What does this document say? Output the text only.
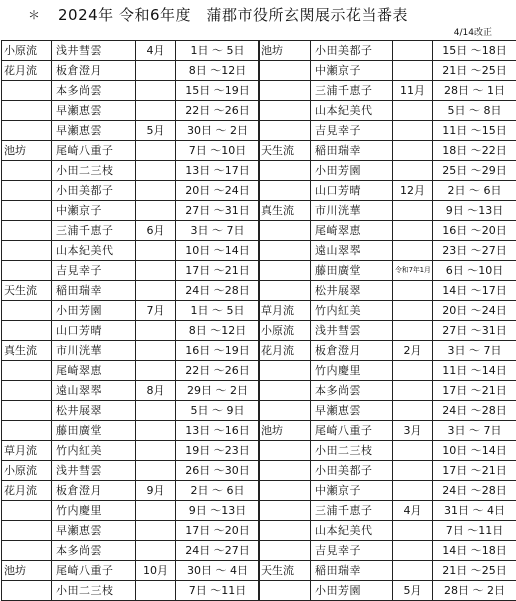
＊ 2024年 令和6年度　蒲郡市役所玄関展示花当番表
4/14改正
小原流	浅井彗雲	4月	1日 ～ 5日
花月流	板倉澄月		8日 ～12日
	本多尚雲		15日 ～19日
	早瀬恵雲		22日 ～26日
	早瀬恵雲	5月	30日 ～ 2日
池坊	尾崎八重子		7日 ～10日
	小田二三枝		13日 ～17日
	小田美都子		20日 ～24日
	中瀬京子		27日 ～31日
	三浦千恵子	6月	3日 ～ 7日
	山本紀美代		10日 ～14日
	吉見幸子		17日 ～21日
天生流	稲田瑞幸		24日 ～28日
	小田芳園	7月	1日 ～ 5日
	山口芳晴		8日 ～12日
真生流	市川洸華		16日 ～19日
	尾崎翠恵		22日 ～26日
	遠山翠翆	8月	29日 ～ 2日
	松井展翠		5日 ～ 9日
	藤田廣堂		13日 ～16日
草月流	竹内紅美		19日 ～23日
小原流	浅井彗雲		26日 ～30日
花月流	板倉澄月	9月	2日 ～ 6日
	竹内慶里		9日 ～13日
	早瀬恵雲		17日 ～20日
	本多尚雲		24日 ～27日
池坊	尾崎八重子	10月	30日 ～ 4日
	小田二三枝		7日 ～11日
池坊	小田美都子		15日 ～18日
	中瀬京子		21日 ～25日
	三浦千恵子	11月	28日 ～ 1日
	山本紀美代		5日 ～ 8日
	吉見幸子		11日 ～15日
天生流	稲田瑞幸		18日 ～22日
	小田芳園		25日 ～29日
	山口芳晴	12月	2日 ～ 6日
真生流	市川洸華		9日 ～13日
	尾崎翠恵		16日 ～20日
	遠山翠翆		23日 ～27日
	藤田廣堂	令和7年1月	6日 ～10日
	松井展翠		14日 ～17日
草月流	竹内紅美		20日 ～24日
小原流	浅井彗雲		27日 ～31日
花月流	板倉澄月	2月	3日 ～ 7日
	竹内慶里		11日 ～14日
	本多尚雲		17日 ～21日
	早瀬恵雲		24日 ～28日
池坊	尾崎八重子	3月	3日 ～ 7日
	小田二三枝		10日 ～14日
	小田美都子		17日 ～21日
	中瀬京子		24日 ～28日
	三浦千恵子	4月	31日 ～ 4日
	山本紀美代		7日 ～11日
	吉見幸子		14日 ～18日
天生流	稲田瑞幸		21日 ～25日
	小田芳園	5月	28日 ～ 2日
